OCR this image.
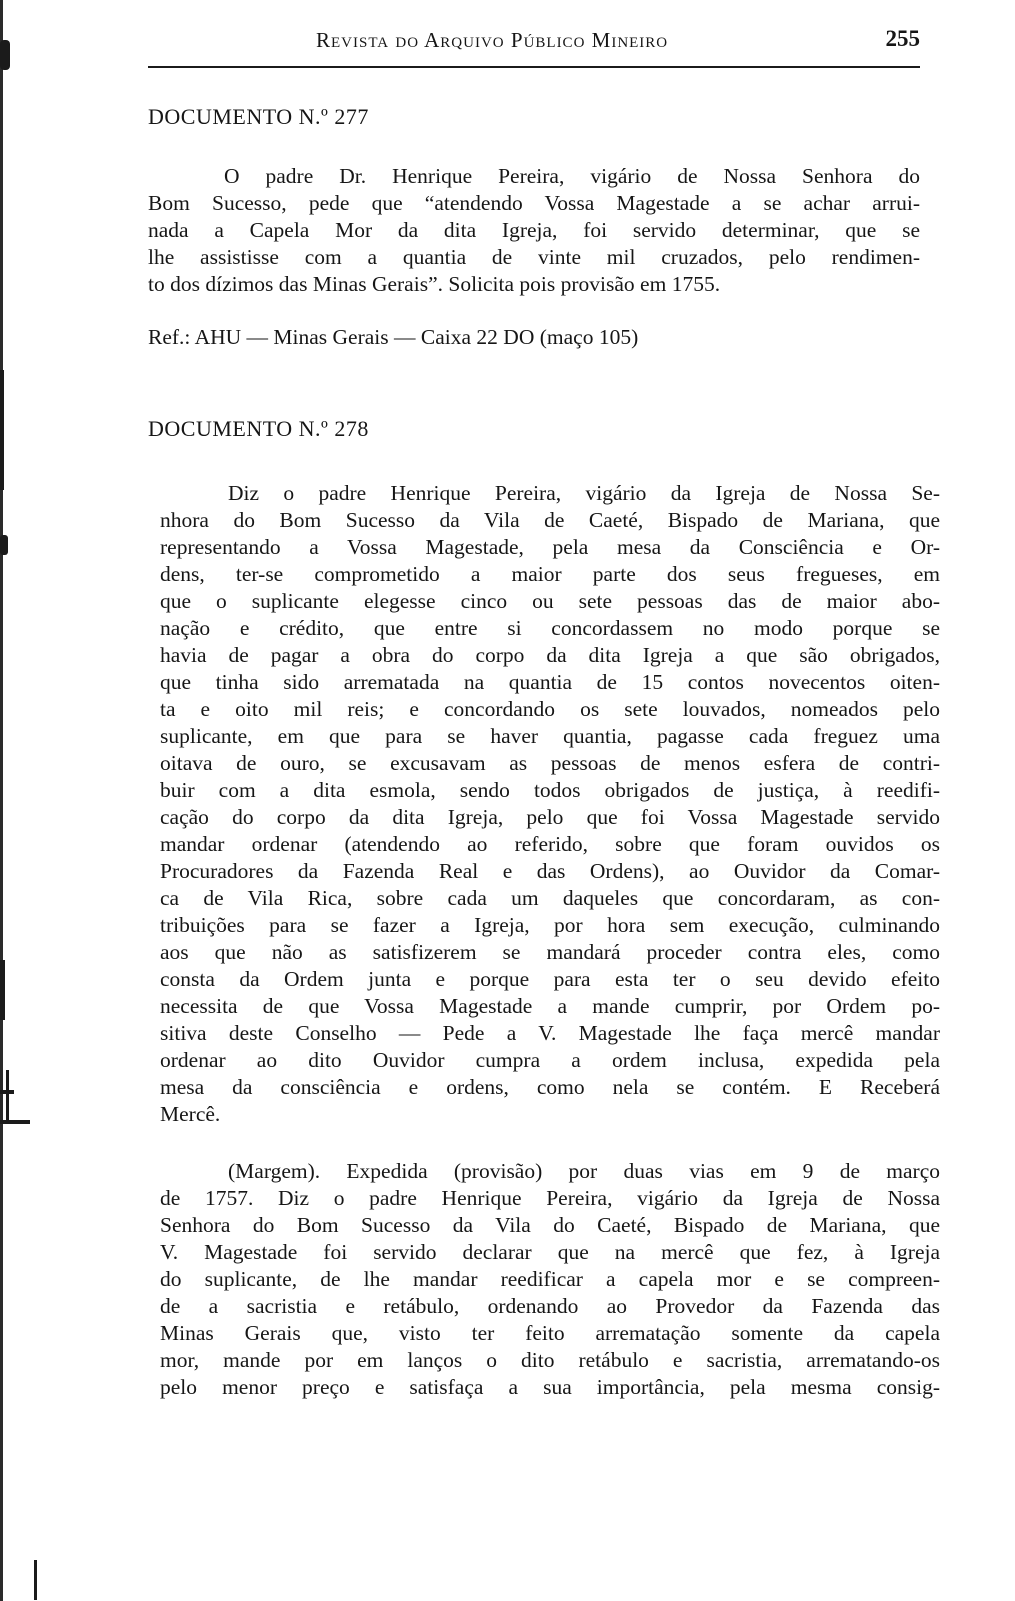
Revista do Arquivo Público Mineiro	255
DOCUMENTO N.º 277
O padre Dr. Henrique Pereira, vigário de Nossa Senhora do
Bom Sucesso, pede que “atendendo Vossa Magestade a se achar arrui-
nada a Capela Mor da dita Igreja, foi servido determinar, que se
lhe assistisse com a quantia de vinte mil cruzados, pelo rendimen-
to dos dízimos das Minas Gerais”. Solicita pois provisão em 1755.
Ref.: AHU — Minas Gerais — Caixa 22 DO (maço 105)
DOCUMENTO N.º 278
Diz o padre Henrique Pereira, vigário da Igreja de Nossa Se-
nhora do Bom Sucesso da Vila de Caeté, Bispado de Mariana, que
representando a Vossa Magestade, pela mesa da Consciência e Or-
dens, ter-se comprometido a maior parte dos seus fregueses, em
que o suplicante elegesse cinco ou sete pessoas das de maior abo-
nação e crédito, que entre si concordassem no modo porque se
havia de pagar a obra do corpo da dita Igreja a que são obrigados,
que tinha sido arrematada na quantia de 15 contos novecentos oiten-
ta e oito mil reis; e concordando os sete louvados, nomeados pelo
suplicante, em que para se haver quantia, pagasse cada freguez uma
oitava de ouro, se excusavam as pessoas de menos esfera de contri-
buir com a dita esmola, sendo todos obrigados de justiça, à reedifi-
cação do corpo da dita Igreja, pelo que foi Vossa Magestade servido
mandar ordenar (atendendo ao referido, sobre que foram ouvidos os
Procuradores da Fazenda Real e das Ordens), ao Ouvidor da Comar-
ca de Vila Rica, sobre cada um daqueles que concordaram, as con-
tribuições para se fazer a Igreja, por hora sem execução, culminando
aos que não as satisfizerem se mandará proceder contra eles, como
consta da Ordem junta e porque para esta ter o seu devido efeito
necessita de que Vossa Magestade a mande cumprir, por Ordem po-
sitiva deste Conselho — Pede a V. Magestade lhe faça mercê mandar
ordenar ao dito Ouvidor cumpra a ordem inclusa, expedida pela
mesa da consciência e ordens, como nela se contém. E Receberá
Mercê.
(Margem). Expedida (provisão) por duas vias em 9 de março
de 1757. Diz o padre Henrique Pereira, vigário da Igreja de Nossa
Senhora do Bom Sucesso da Vila do Caeté, Bispado de Mariana, que
V. Magestade foi servido declarar que na mercê que fez, à Igreja
do suplicante, de lhe mandar reedificar a capela mor e se compreen-
de a sacristia e retábulo, ordenando ao Provedor da Fazenda das
Minas Gerais que, visto ter feito arrematação somente da capela
mor, mande por em lanços o dito retábulo e sacristia, arrematando-os
pelo menor preço e satisfaça a sua importância, pela mesma consig-
